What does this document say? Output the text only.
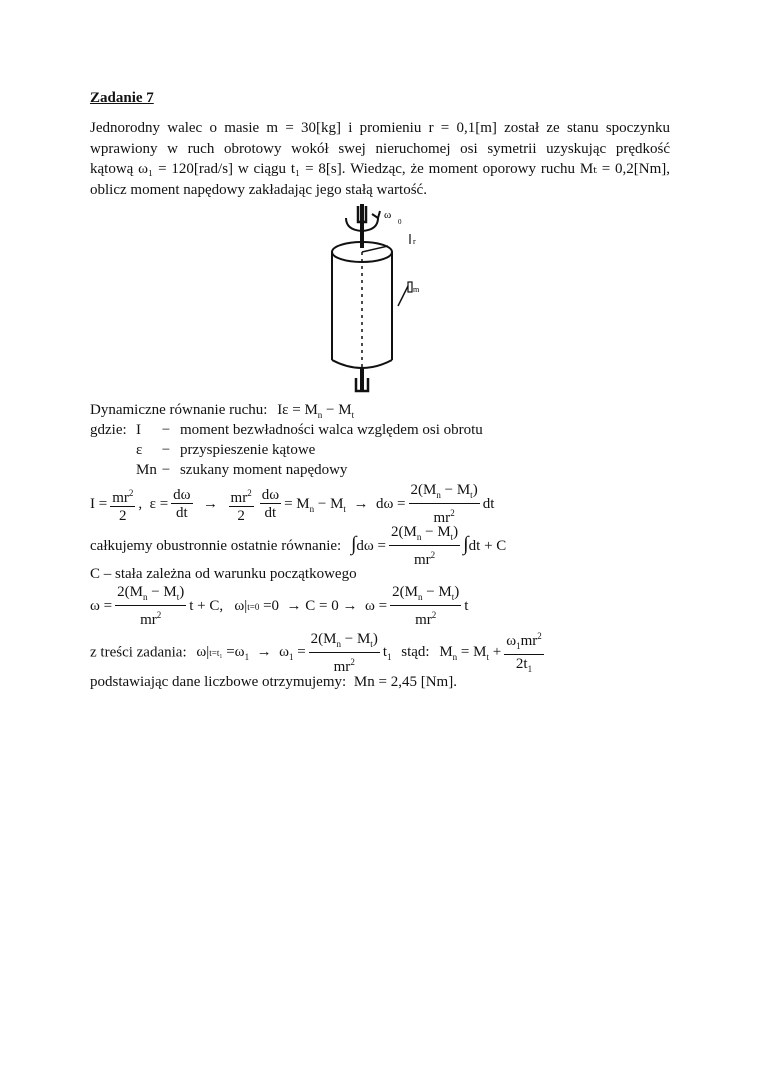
Zadanie 7
Jednorodny walec o masie m = 30[kg] i promieniu r = 0,1[m] został ze stanu spoczynku
wprawiony w ruch obrotowy wokół swej nieruchomej osi symetrii uzyskując prędkość
kątową ω₁ = 120[rad/s] w ciągu t₁ = 8[s]. Wiedząc, że moment oporowy ruchu Mₜ = 0,2[Nm],
oblicz moment napędowy zakładając jego stałą wartość.
ω
0
r
m
Dynamiczne równanie ruchu: $I\varepsilon = M_n - M_t$
gdzie: I − moment bezwładności walca względem osi obrotu
ε − przyspieszenie kątowe
Mn − szukany moment napędowy
$I = \frac{mr^2}{2}$ ,  $\varepsilon = \frac{d\omega}{dt} \to \frac{mr^2}{2} \frac{d\omega}{dt} = M_n - M_t \to d\omega = \frac{2(M_n - M_t)}{mr^2}$ dt
całkujemy obustronnie ostatnie równanie: $\int d\omega = \frac{2(M_n - M_t)}{mr^2} \int dt + C$
C – stała zależna od warunku początkowego
$\omega = \frac{2(M_n - M_t)}{mr^2}$ t + C,   $\omega|t=0 =0 \to C = 0 \to \omega = \frac{2(M_n - M_t)}{mr^2}$ t
z treści zadania: $\omega|t=t_1 =\omega_1 \to \omega_1 = \frac{2(M_n - M_t)}{mr^2} t_1$ stąd: $M_n = M_t + \frac{\omega_1mr^2}{2t_1}$
podstawiając dane liczbowe otrzymujemy: Mn = 2,45 [Nm].
